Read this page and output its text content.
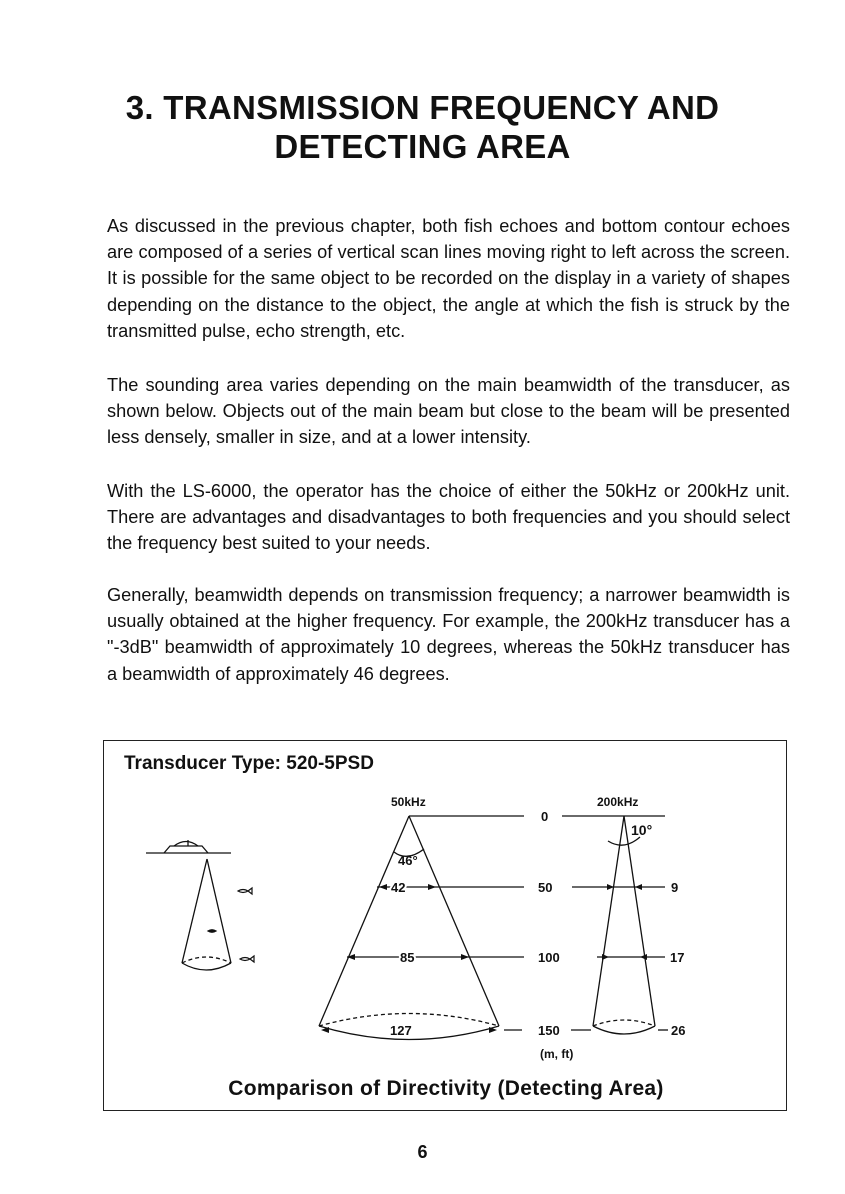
3. TRANSMISSION FREQUENCY AND
DETECTING AREA

As discussed in the previous chapter, both fish echoes and bottom contour echoes are composed of a series of vertical scan lines moving right to left across the screen. It is possible for the same object to be recorded on the display in a variety of shapes depending on the distance to the object, the angle at which the fish is struck by the transmitted pulse, echo strength, etc.

The sounding area varies depending on the main beamwidth of the transducer, as shown below. Objects out of the main beam but close to the beam will be presented less densely, smaller in size, and at a lower intensity.

With the LS-6000, the operator has the choice of either the 50kHz or 200kHz unit. There are advantages and disadvantages to both frequencies and you should select the frequency best suited to your needs.

Generally, beamwidth depends on transmission frequency; a narrower beamwidth is usually obtained at the higher frequency. For example, the 200kHz transducer has a "-3dB" beamwidth of approximately 10 degrees, whereas the 50kHz transducer has a beamwidth of approximately 46 degrees.

Transducer Type: 520-5PSD
50kHz	200kHz
46°
10°
0
50
100
150
(m, ft)
42
85
127
9
17
26
Comparison of Directivity (Detecting Area)
6
